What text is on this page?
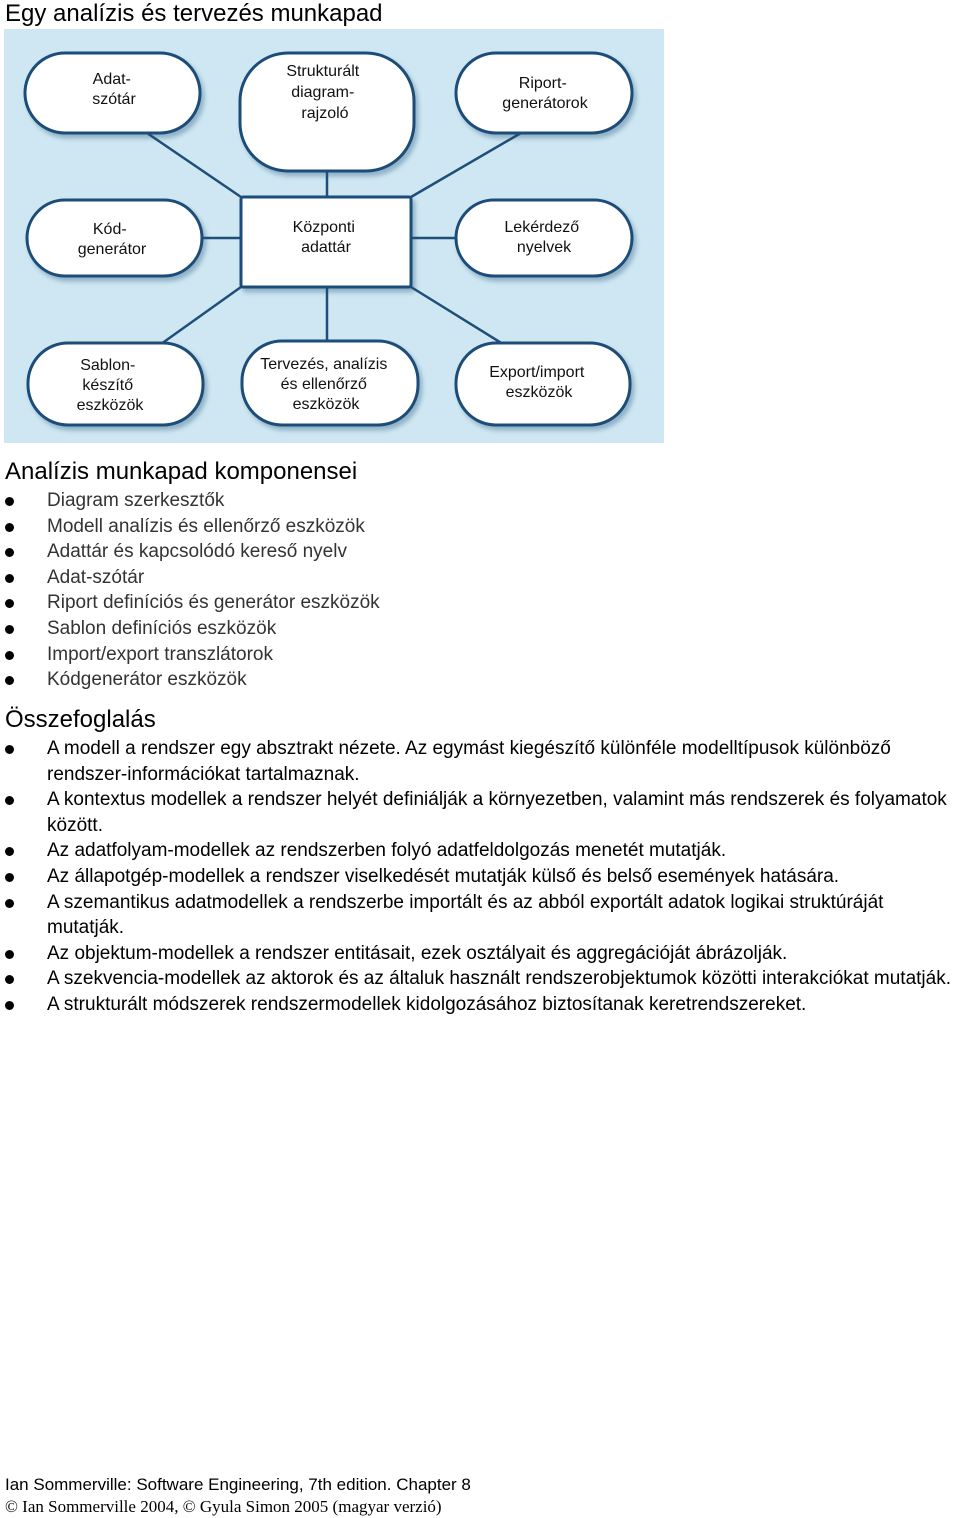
Egy analízis és tervezés munkapad
Adat- szótár
Strukturált diagram- rajzoló
Riport- generátorok
Kód- generátor
Központi adattár
Lekérdező nyelvek
Sablon- készítő eszközök
Tervezés, analízis és ellenőrző eszközök
Export/import eszközök
Analízis munkapad komponensei
Diagram szerkesztők
Modell analízis és ellenőrző eszközök
Adattár és kapcsolódó kereső nyelv
Adat-szótár
Riport definíciós és generátor eszközök
Sablon definíciós eszközök
Import/export transzlátorok
Kódgenerátor eszközök
Összefoglalás
A modell a rendszer egy absztrakt nézete. Az egymást kiegészítő különféle modelltípusok különböző rendszer-információkat tartalmaznak.
A kontextus modellek a rendszer helyét definiálják a környezetben, valamint más rendszerek és folyamatok között.
Az adatfolyam-modellek az rendszerben folyó adatfeldolgozás menetét mutatják.
Az állapotgép-modellek a rendszer viselkedését mutatják külső és belső események hatására.
A szemantikus adatmodellek a rendszerbe importált és az abból exportált adatok logikai struktúráját mutatják.
Az objektum-modellek a rendszer entitásait, ezek osztályait és aggregációját ábrázolják.
A szekvencia-modellek az aktorok és az általuk használt rendszerobjektumok közötti interakciókat mutatják.
A strukturált módszerek rendszermodellek kidolgozásához biztosítanak keretrendszereket.
Ian Sommerville: Software Engineering, 7th edition. Chapter 8
© Ian Sommerville 2004, © Gyula Simon 2005 (magyar verzió)
